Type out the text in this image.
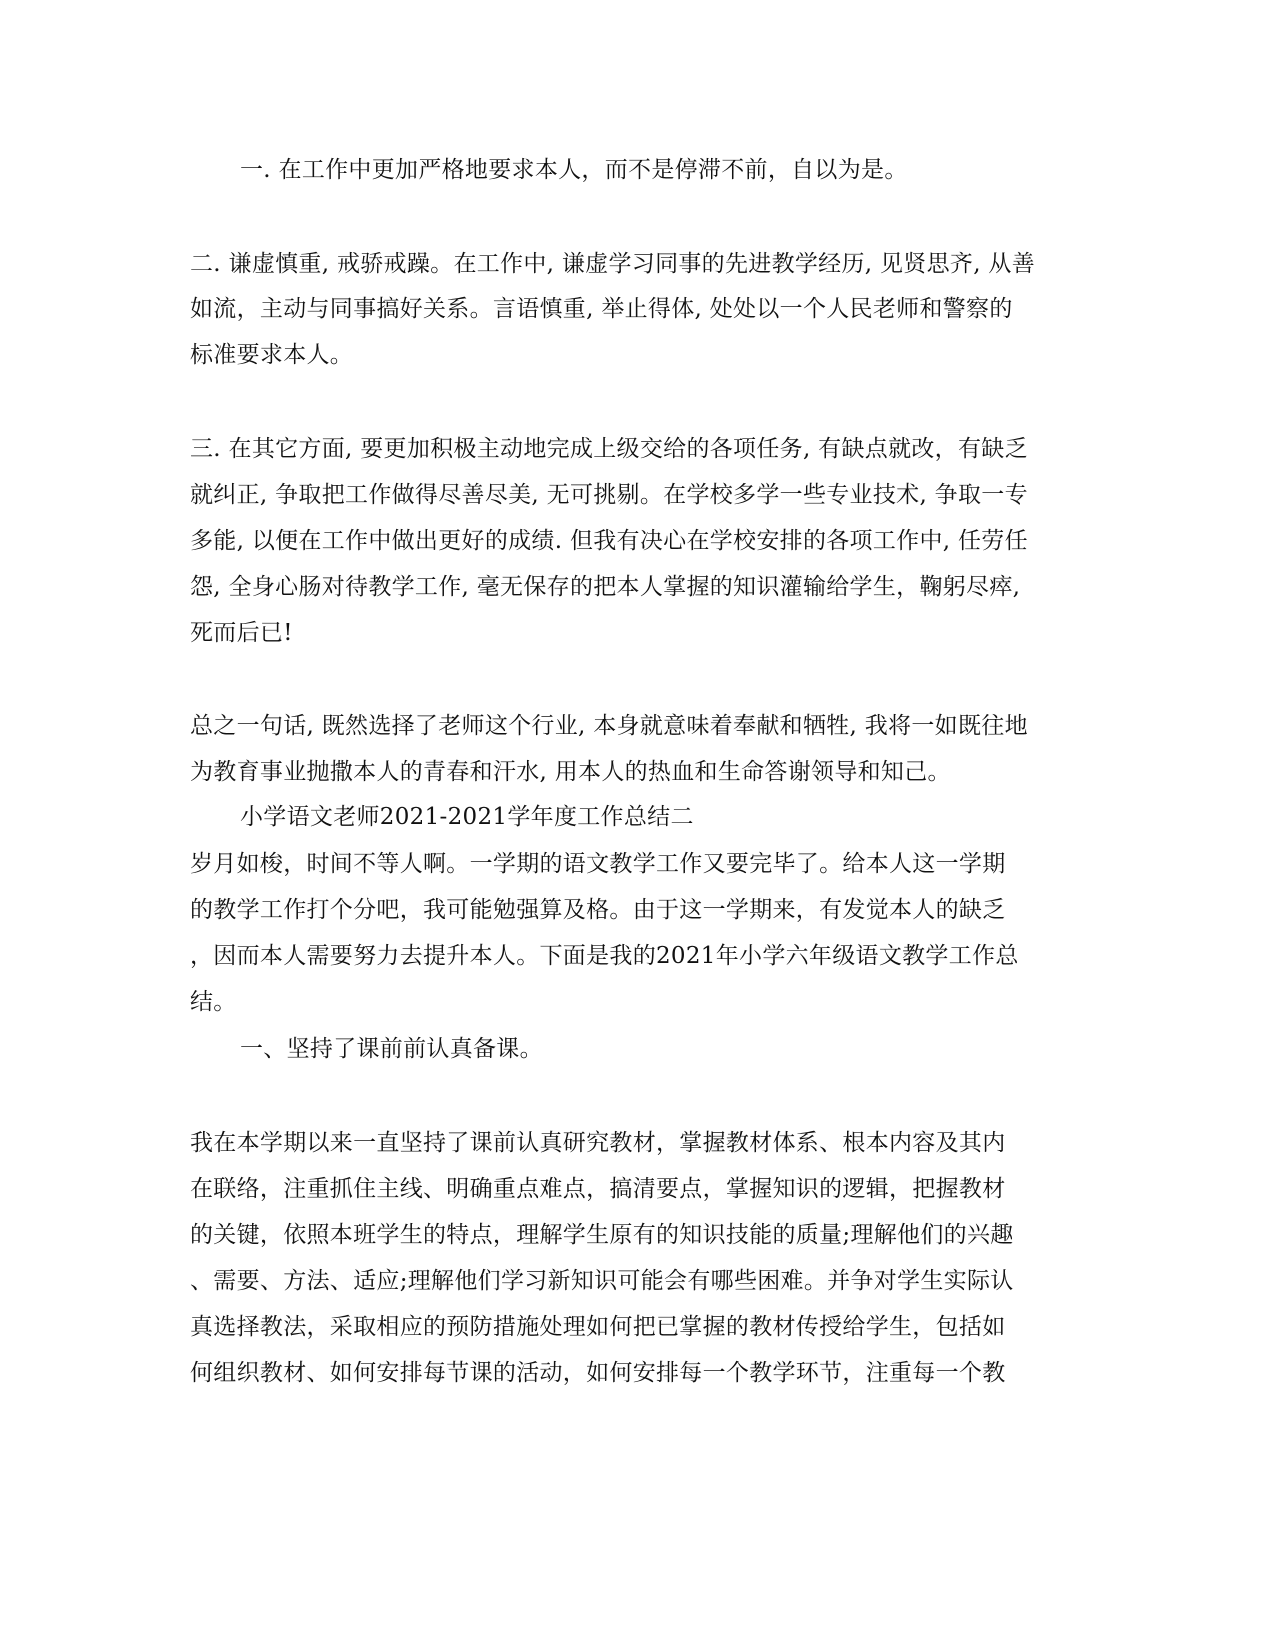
一. 在工作中更加严格地要求本人，而不是停滞不前，自以为是。
二. 谦虚慎重, 戒骄戒躁。在工作中, 谦虚学习同事的先进教学经历, 见贤思齐, 从善
如流，主动与同事搞好关系。言语慎重, 举止得体, 处处以一个人民老师和警察的
标准要求本人。
三. 在其它方面, 要更加积极主动地完成上级交给的各项任务, 有缺点就改，有缺乏
就纠正, 争取把工作做得尽善尽美, 无可挑剔。在学校多学一些专业技术, 争取一专
多能, 以便在工作中做出更好的成绩. 但我有决心在学校安排的各项工作中, 任劳任
怨, 全身心肠对待教学工作, 毫无保存的把本人掌握的知识灌输给学生，鞠躬尽瘁,
死而后已!
总之一句话, 既然选择了老师这个行业, 本身就意味着奉献和牺牲, 我将一如既往地
为教育事业抛撒本人的青春和汗水, 用本人的热血和生命答谢领导和知己。
小学语文老师2021-2021学年度工作总结二
岁月如梭，时间不等人啊。一学期的语文教学工作又要完毕了。给本人这一学期
的教学工作打个分吧，我可能勉强算及格。由于这一学期来，有发觉本人的缺乏
，因而本人需要努力去提升本人。下面是我的2021年小学六年级语文教学工作总
结。
一、坚持了课前前认真备课。
我在本学期以来一直坚持了课前认真研究教材，掌握教材体系、根本内容及其内
在联络，注重抓住主线、明确重点难点，搞清要点，掌握知识的逻辑，把握教材
的关键，依照本班学生的特点，理解学生原有的知识技能的质量;理解他们的兴趣
、需要、方法、适应;理解他们学习新知识可能会有哪些困难。并争对学生实际认
真选择教法，采取相应的预防措施处理如何把已掌握的教材传授给学生，包括如
何组织教材、如何安排每节课的活动，如何安排每一个教学环节，注重每一个教
